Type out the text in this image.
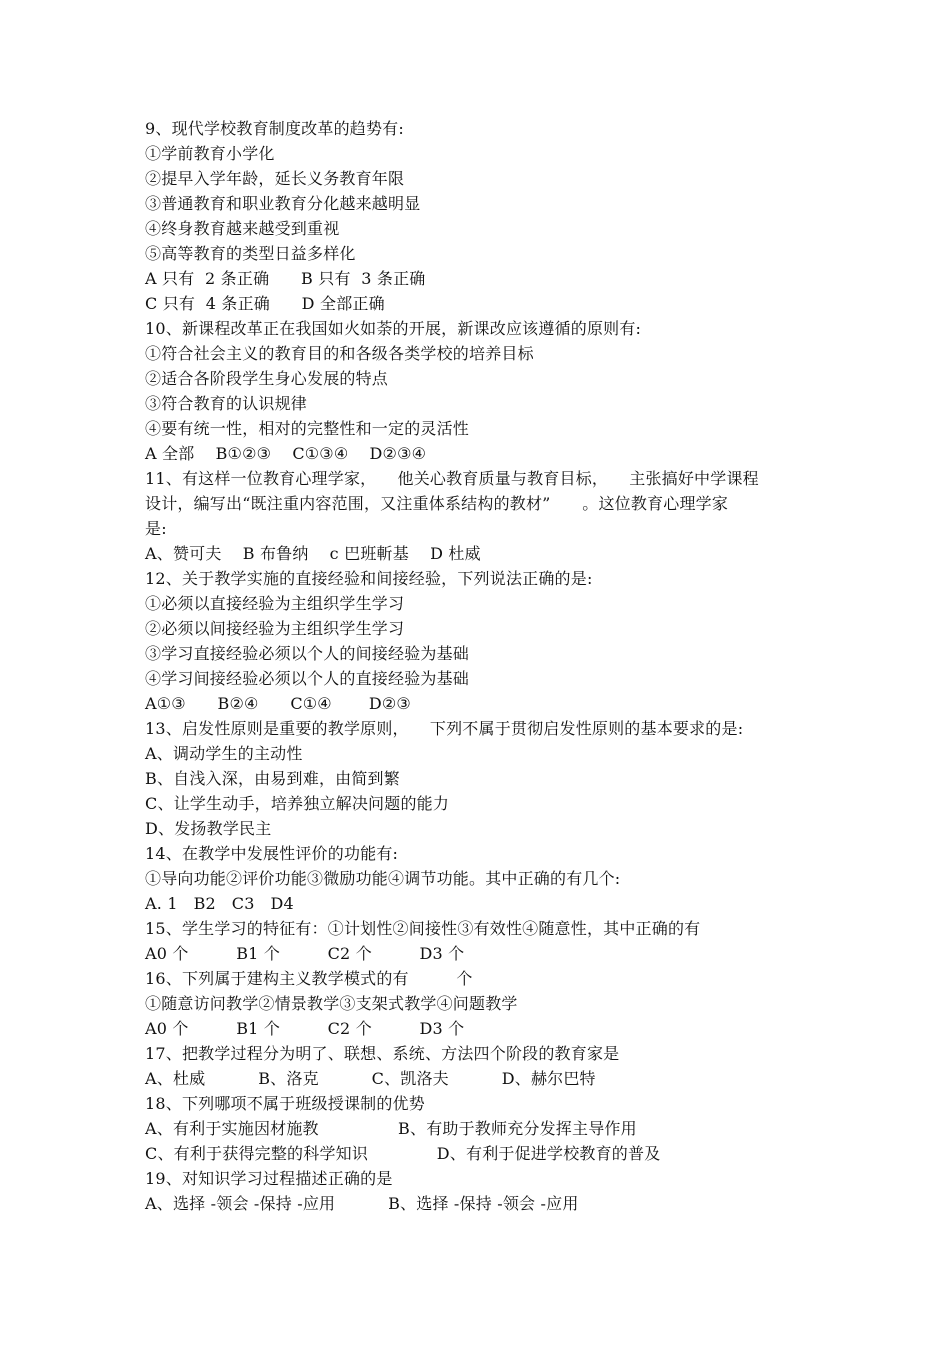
9、现代学校教育制度改革的趋势有:
①学前教育小学化
②提早入学年龄，延长义务教育年限
③普通教育和职业教育分化越来越明显
④终身教育越来越受到重视
⑤高等教育的类型日益多样化
A 只有  2 条正确      B 只有  3 条正确
C 只有  4 条正确      D 全部正确
10、新课程改革正在我国如火如荼的开展，新课改应该遵循的原则有:
①符合社会主义的教育目的和各级各类学校的培养目标
②适合各阶段学生身心发展的特点
③符合教育的认识规律
④要有统一性，相对的完整性和一定的灵活性
A 全部    B①②③    C①③④    D②③④
11、有这样一位教育心理学家，    他关心教育质量与教育目标，    主张搞好中学课程
设计，编写出“既注重内容范围，又注重体系结构的教材”      。这位教育心理学家
是:
A、赞可夫    B 布鲁纳    c 巴班斬基    D 杜威
12、关于教学实施的直接经验和间接经验，下列说法正确的是:
①必须以直接经验为主组织学生学习
②必须以间接经验为主组织学生学习
③学习直接经验必须以个人的间接经验为基础
④学习间接经验必须以个人的直接经验为基础
A①③      B②④      C①④       D②③
13、启发性原则是重要的教学原则，    下列不属于贯彻启发性原则的基本要求的是:
A、调动学生的主动性
B、自浅入深，由易到难，由简到繁
C、让学生动手，培养独立解决问题的能力
D、发扬教学民主
14、在教学中发展性评价的功能有:
①导向功能②评价功能③微励功能④调节功能。其中正确的有几个:
A. 1   B2   C3   D4
15、学生学习的特征有：①计划性②间接性③有效性④随意性，其中正确的有
A0 个         B1 个         C2 个         D3 个
16、下列属于建构主义教学模式的有         个
①随意访问教学②情景教学③支架式教学④问题教学
A0 个         B1 个         C2 个         D3 个
17、把教学过程分为明了、联想、系统、方法四个阶段的教育家是
A、杜威          B、洛克          C、凯洛夫          D、赫尔巴特
18、下列哪项不属于班级授课制的优势
A、有利于实施因材施教               B、有助于教师充分发挥主导作用
C、有利于获得完整的科学知识             D、有利于促进学校教育的普及
19、对知识学习过程描述正确的是
A、选择 -领会 -保持 -应用          B、选择 -保持 -领会 -应用
